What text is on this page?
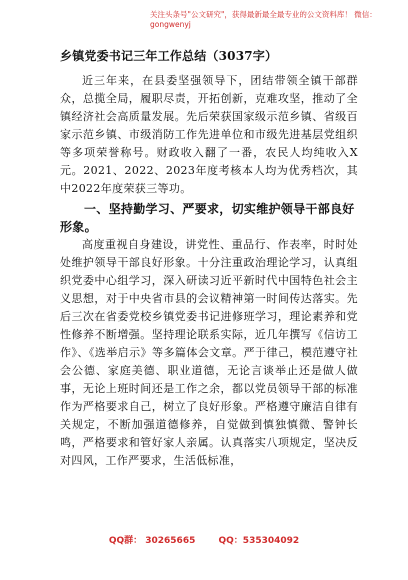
关注头条号"公文研究"，获得最新最全最专业的公文资料库！ 微信：gongwenyj
乡镇党委书记三年工作总结（3037字）

近三年来，在县委坚强领导下，团结带领全镇干部群众，总揽全局，履职尽责，开拓创新，克难攻坚，推动了全镇经济社会高质量发展。先后荣获国家级示范乡镇、省级百家示范乡镇、市级消防工作先进单位和市级先进基层党组织等多项荣誉称号。财政收入翻了一番，农民人均纯收入X元。2021、2022、2023年度考核本人均为优秀档次，其中2022年度荣获三等功。

一、坚持勤学习、严要求，切实维护领导干部良好形象。

高度重视自身建设，讲党性、重品行、作表率，时时处处维护领导干部良好形象。十分注重政治理论学习，认真组织党委中心组学习，深入研读习近平新时代中国特色社会主义思想，对于中央省市县的会议精神第一时间传达落实。先后三次在省委党校乡镇党委书记进修班学习，理论素养和党性修养不断增强。坚持理论联系实际，近几年撰写《信访工作》、《选举启示》等多篇体会文章。严于律己，模范遵守社会公德、家庭美德、职业道德，无论言谈举止还是做人做事，无论上班时间还是工作之余，都以党员领导干部的标准作为严格要求自己，树立了良好形象。严格遵守廉洁自律有关规定，不断加强道德修养，自觉做到慎独慎微、警钟长鸣，严格要求和管好家人亲属。认真落实八项规定，坚决反对四风，工作严要求，生活低标准，

QQ群： 30265665	QQ：535304092
